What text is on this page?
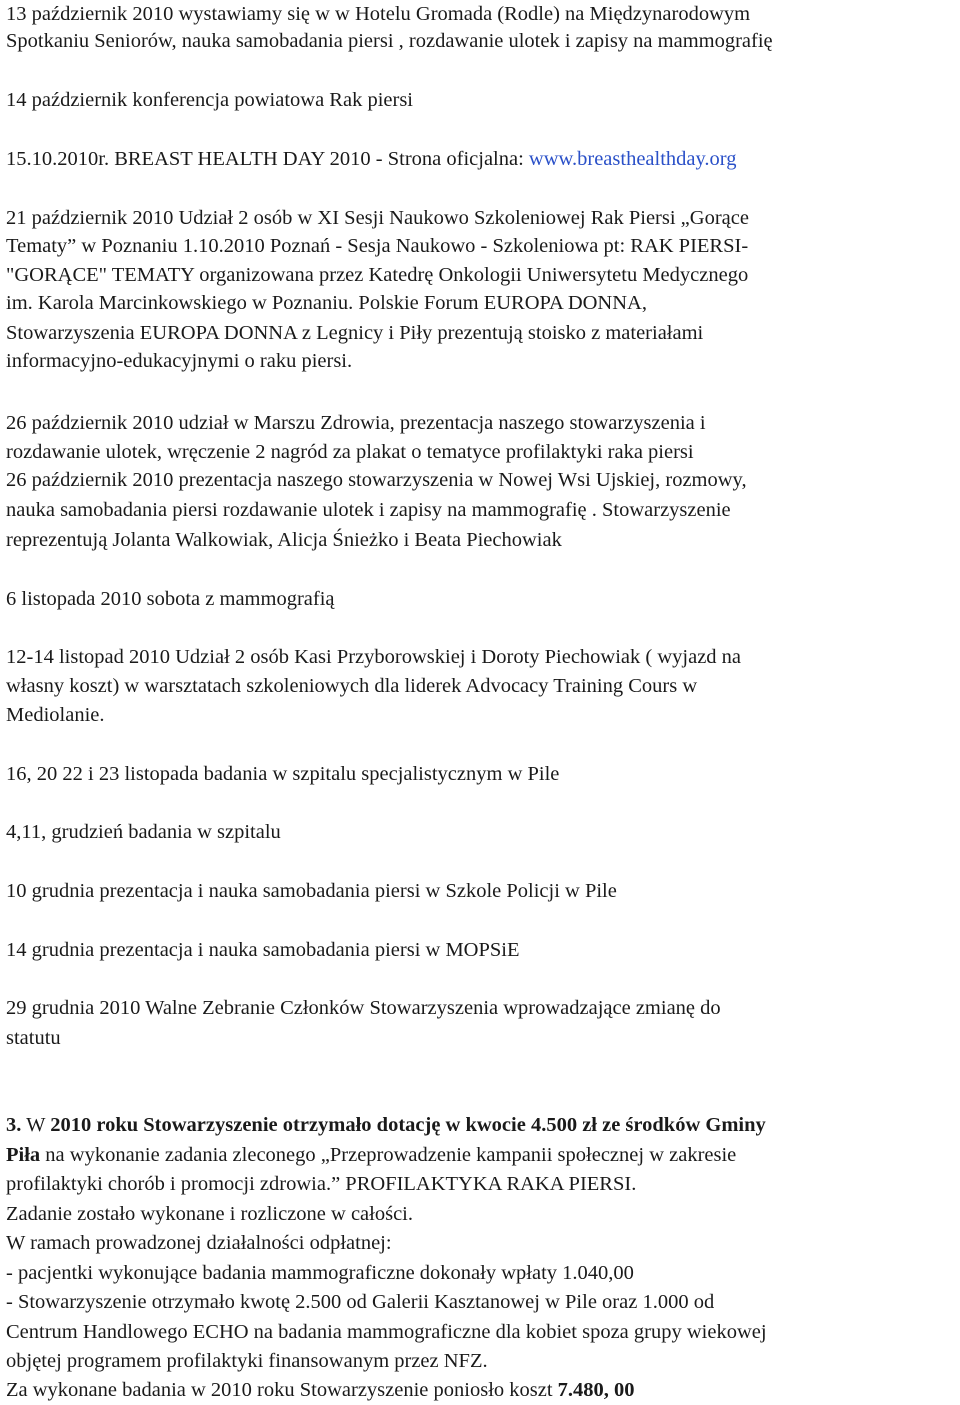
13 październik 2010 wystawiamy się w w Hotelu Gromada (Rodle) na Międzynarodowym
Spotkaniu Seniorów, nauka samobadania piersi , rozdawanie ulotek i zapisy na mammografię
14 październik konferencja powiatowa Rak piersi
15.10.2010r. BREAST HEALTH DAY 2010 - Strona oficjalna: www.breasthealthday.org
21 październik 2010 Udział 2 osób w XI Sesji Naukowo Szkoleniowej Rak Piersi „Gorące
Tematy” w Poznaniu 1.10.2010 Poznań - Sesja Naukowo - Szkoleniowa pt: RAK PIERSI-
"GORĄCE" TEMATY organizowana przez Katedrę Onkologii Uniwersytetu Medycznego
im. Karola Marcinkowskiego w Poznaniu. Polskie Forum EUROPA DONNA,
Stowarzyszenia EUROPA DONNA z Legnicy i Piły prezentują stoisko z materiałami
informacyjno-edukacyjnymi o raku piersi.
26 październik 2010 udział w Marszu Zdrowia, prezentacja naszego stowarzyszenia i
rozdawanie ulotek, wręczenie 2 nagród za plakat o tematyce profilaktyki raka piersi
26 październik 2010 prezentacja naszego stowarzyszenia w Nowej Wsi Ujskiej, rozmowy,
nauka samobadania piersi rozdawanie ulotek i zapisy na mammografię . Stowarzyszenie
reprezentują Jolanta Walkowiak, Alicja Śnieżko i Beata Piechowiak
6 listopada 2010 sobota z mammografią
12-14 listopad 2010 Udział 2 osób Kasi Przyborowskiej i Doroty Piechowiak ( wyjazd na
własny koszt) w warsztatach szkoleniowych dla liderek Advocacy Training Cours w
Mediolanie.
16, 20 22 i 23 listopada badania w szpitalu specjalistycznym w Pile
4,11, grudzień badania w szpitalu
10 grudnia prezentacja i nauka samobadania piersi w Szkole Policji w Pile
14 grudnia prezentacja i nauka samobadania piersi w MOPSiE
29 grudnia 2010 Walne Zebranie Członków Stowarzyszenia wprowadzające zmianę do
statutu
3. W 2010 roku Stowarzyszenie otrzymało dotację w kwocie 4.500 zł ze środków Gminy
Piła na wykonanie zadania zleconego „Przeprowadzenie kampanii społecznej w zakresie
profilaktyki chorób i promocji zdrowia.” PROFILAKTYKA RAKA PIERSI.
Zadanie zostało wykonane i rozliczone w całości.
W ramach prowadzonej działalności odpłatnej:
- pacjentki wykonujące badania mammograficzne dokonały wpłaty 1.040,00
- Stowarzyszenie otrzymało kwotę 2.500 od Galerii Kasztanowej w Pile oraz 1.000 od
Centrum Handlowego ECHO na badania mammograficzne dla kobiet spoza grupy wiekowej
objętej programem profilaktyki finansowanym przez NFZ.
Za wykonane badania w 2010 roku Stowarzyszenie poniosło koszt 7.480, 00
